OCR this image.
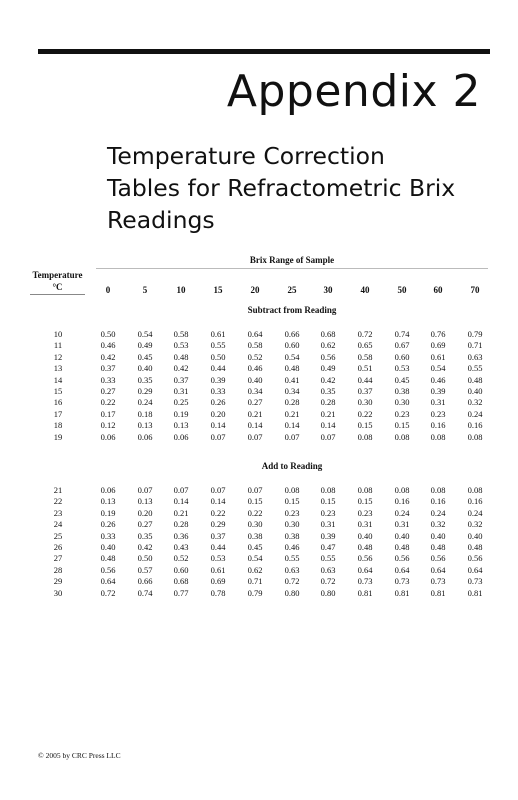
Appendix 2
Temperature Correction
Tables for Refractometric Brix
Readings
Brix Range of Sample
Temperature
°C	0	5	10	15	20	25	30	40	50	60	70
Subtract from Reading
10	0.50	0.54	0.58	0.61	0.64	0.66	0.68	0.72	0.74	0.76	0.79
11	0.46	0.49	0.53	0.55	0.58	0.60	0.62	0.65	0.67	0.69	0.71
12	0.42	0.45	0.48	0.50	0.52	0.54	0.56	0.58	0.60	0.61	0.63
13	0.37	0.40	0.42	0.44	0.46	0.48	0.49	0.51	0.53	0.54	0.55
14	0.33	0.35	0.37	0.39	0.40	0.41	0.42	0.44	0.45	0.46	0.48
15	0.27	0.29	0.31	0.33	0.34	0.34	0.35	0.37	0.38	0.39	0.40
16	0.22	0.24	0.25	0.26	0.27	0.28	0.28	0.30	0.30	0.31	0.32
17	0.17	0.18	0.19	0.20	0.21	0.21	0.21	0.22	0.23	0.23	0.24
18	0.12	0.13	0.13	0.14	0.14	0.14	0.14	0.15	0.15	0.16	0.16
19	0.06	0.06	0.06	0.07	0.07	0.07	0.07	0.08	0.08	0.08	0.08
Add to Reading
21	0.06	0.07	0.07	0.07	0.07	0.08	0.08	0.08	0.08	0.08	0.08
22	0.13	0.13	0.14	0.14	0.15	0.15	0.15	0.15	0.16	0.16	0.16
23	0.19	0.20	0.21	0.22	0.22	0.23	0.23	0.23	0.24	0.24	0.24
24	0.26	0.27	0.28	0.29	0.30	0.30	0.31	0.31	0.31	0.32	0.32
25	0.33	0.35	0.36	0.37	0.38	0.38	0.39	0.40	0.40	0.40	0.40
26	0.40	0.42	0.43	0.44	0.45	0.46	0.47	0.48	0.48	0.48	0.48
27	0.48	0.50	0.52	0.53	0.54	0.55	0.55	0.56	0.56	0.56	0.56
28	0.56	0.57	0.60	0.61	0.62	0.63	0.63	0.64	0.64	0.64	0.64
29	0.64	0.66	0.68	0.69	0.71	0.72	0.72	0.73	0.73	0.73	0.73
30	0.72	0.74	0.77	0.78	0.79	0.80	0.80	0.81	0.81	0.81	0.81
© 2005 by CRC Press LLC
